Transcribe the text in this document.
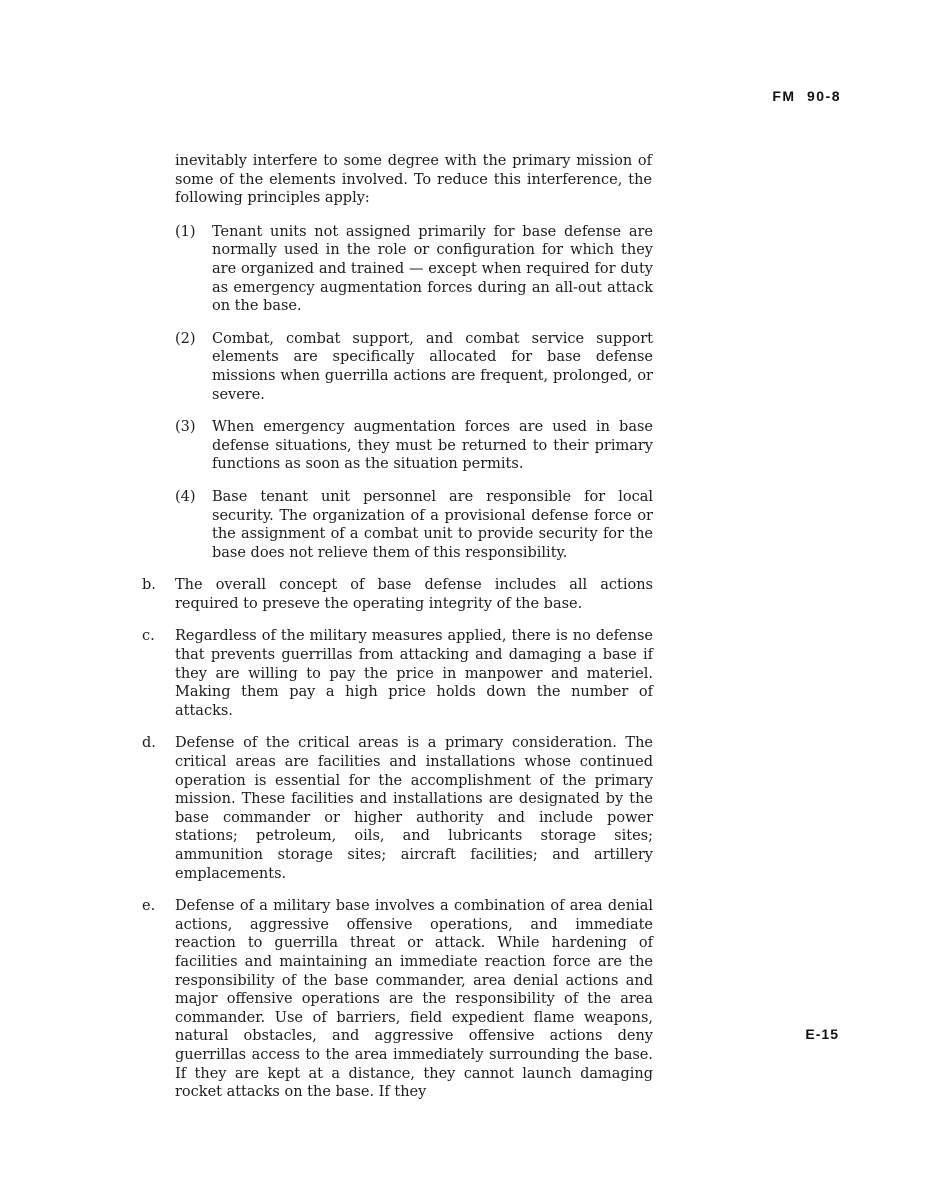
FM 90-8

inevitably interfere to some degree with the primary mission of some of the elements involved. To reduce this interference, the following principles apply:

(1)	Tenant units not assigned primarily for base defense are normally used in the role or configuration for which they are organized and trained — except when required for duty as emergency augmentation forces during an all-out attack on the base.
(2)	Combat, combat support, and combat service support elements are specifically allocated for base defense missions when guerrilla actions are frequent, prolonged, or severe.
(3)	When emergency augmentation forces are used in base defense situations, they must be returned to their primary functions as soon as the situation permits.
(4)	Base tenant unit personnel are responsible for local security. The organization of a provisional defense force or the assignment of a combat unit to provide security for the base does not relieve them of this responsibility.
b.	The overall concept of base defense includes all actions required to preseve the operating integrity of the base.
c.	Regardless of the military measures applied, there is no defense that prevents guerrillas from attacking and damaging a base if they are willing to pay the price in manpower and materiel. Making them pay a high price holds down the number of attacks.
d.	Defense of the critical areas is a primary consideration. The critical areas are facilities and installations whose continued operation is essential for the accomplishment of the primary mission. These facilities and installations are designated by the base commander or higher authority and include power stations; petroleum, oils, and lubricants storage sites; ammunition storage sites; aircraft facilities; and artillery emplacements.
e.	Defense of a military base involves a combination of area denial actions, aggressive offensive operations, and immediate reaction to guerrilla threat or attack. While hardening of facilities and maintaining an immediate reaction force are the responsibility of the base commander, area denial actions and major offensive operations are the responsibility of the area commander. Use of barriers, field expedient flame weapons, natural obstacles, and aggressive offensive actions deny guerrillas access to the area immediately surrounding the base. If they are kept at a distance, they cannot launch damaging rocket attacks on the base. If they
E-15
